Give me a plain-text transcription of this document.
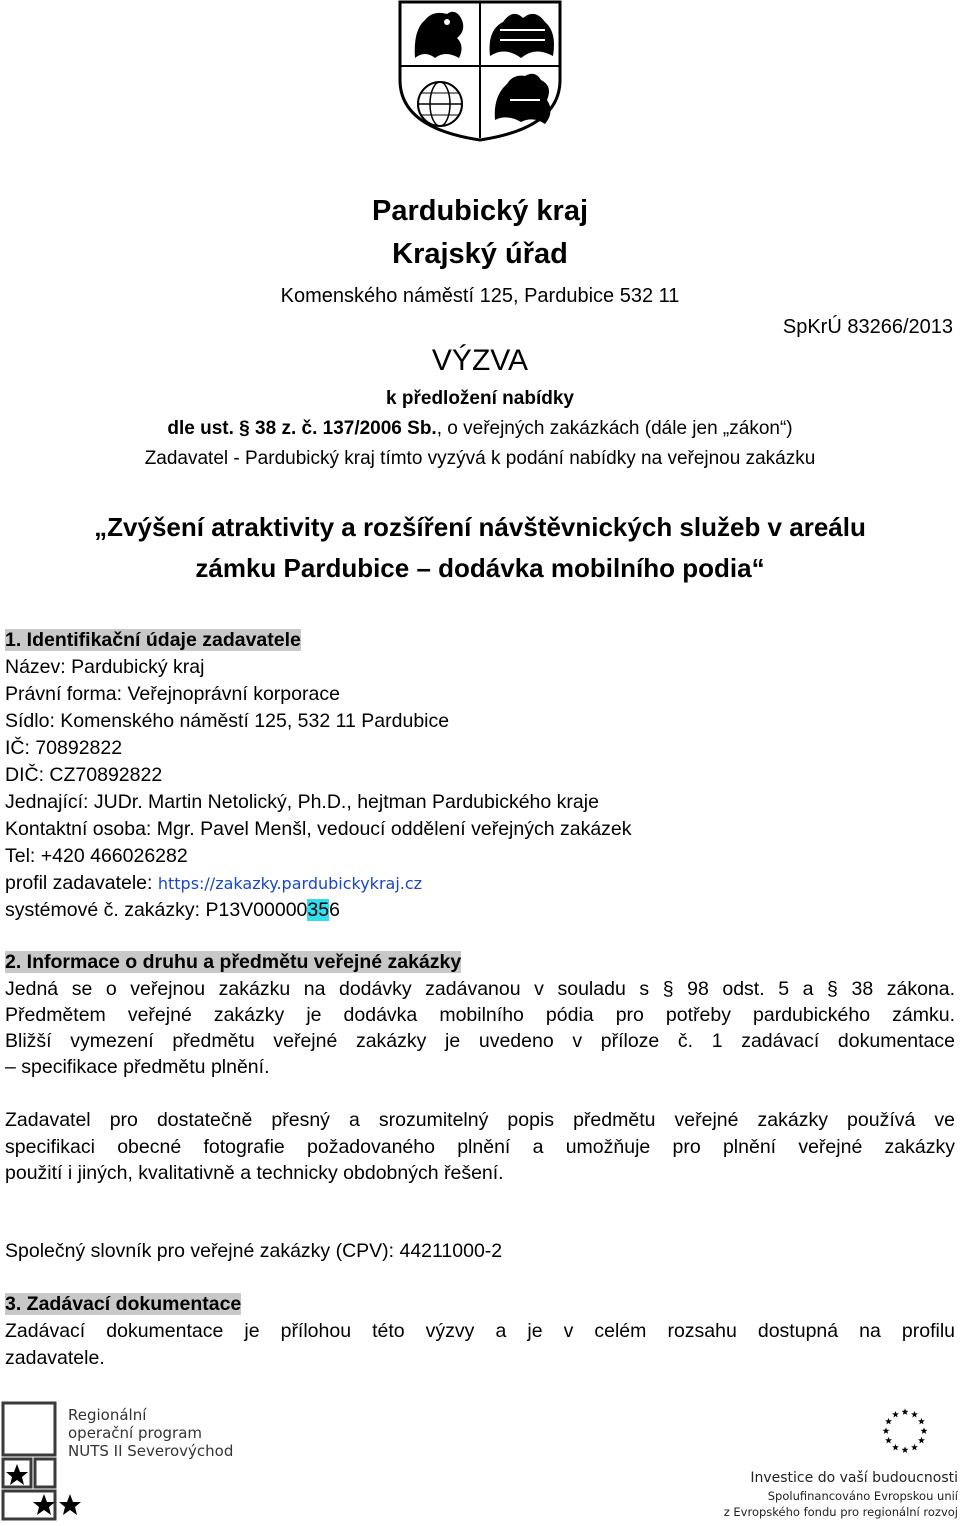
Pardubický kraj
Krajský úřad
Komenského náměstí 125, Pardubice 532 11
SpKrÚ 83266/2013
VÝZVA
k předložení nabídky
dle ust. § 38 z. č. 137/2006 Sb., o veřejných zakázkách (dále jen „zákon“)
Zadavatel - Pardubický kraj tímto vyzývá k podání nabídky na veřejnou zakázku
„Zvýšení atraktivity a rozšíření návštěvnických služeb v areálu
zámku Pardubice – dodávka mobilního podia“
1. Identifikační údaje zadavatele
Název: Pardubický kraj
Právní forma: Veřejnoprávní korporace
Sídlo: Komenského náměstí 125, 532 11 Pardubice
IČ: 70892822
DIČ: CZ70892822
Jednající: JUDr. Martin Netolický, Ph.D., hejtman Pardubického kraje
Kontaktní osoba: Mgr. Pavel Menšl, vedoucí oddělení veřejných zakázek
Tel: +420 466026282
profil zadavatele: https://zakazky.pardubickykraj.cz
systémové č. zakázky: P13V00000356
2. Informace o druhu a předmětu veřejné zakázky
Jedná se o veřejnou zakázku na dodávky zadávanou v souladu s § 98 odst. 5 a § 38 zákona.
Předmětem veřejné zakázky je dodávka mobilního pódia pro potřeby pardubického zámku.
Bližší vymezení předmětu veřejné zakázky je uvedeno v příloze č. 1 zadávací dokumentace
– specifikace předmětu plnění.
Zadavatel pro dostatečně přesný a srozumitelný popis předmětu veřejné zakázky používá ve
specifikaci obecné fotografie požadovaného plnění a umožňuje pro plnění veřejné zakázky
použití i jiných, kvalitativně a technicky obdobných řešení.
Společný slovník pro veřejné zakázky (CPV): 44211000-2
3. Zadávací dokumentace
Zadávací dokumentace je přílohou této výzvy a je v celém rozsahu dostupná na profilu
zadavatele.
Regionální
operační program
NUTS II Severovýchod
Investice do vaší budoucnosti
Spolufinancováno Evropskou unií
z Evropského fondu pro regionální rozvoj
